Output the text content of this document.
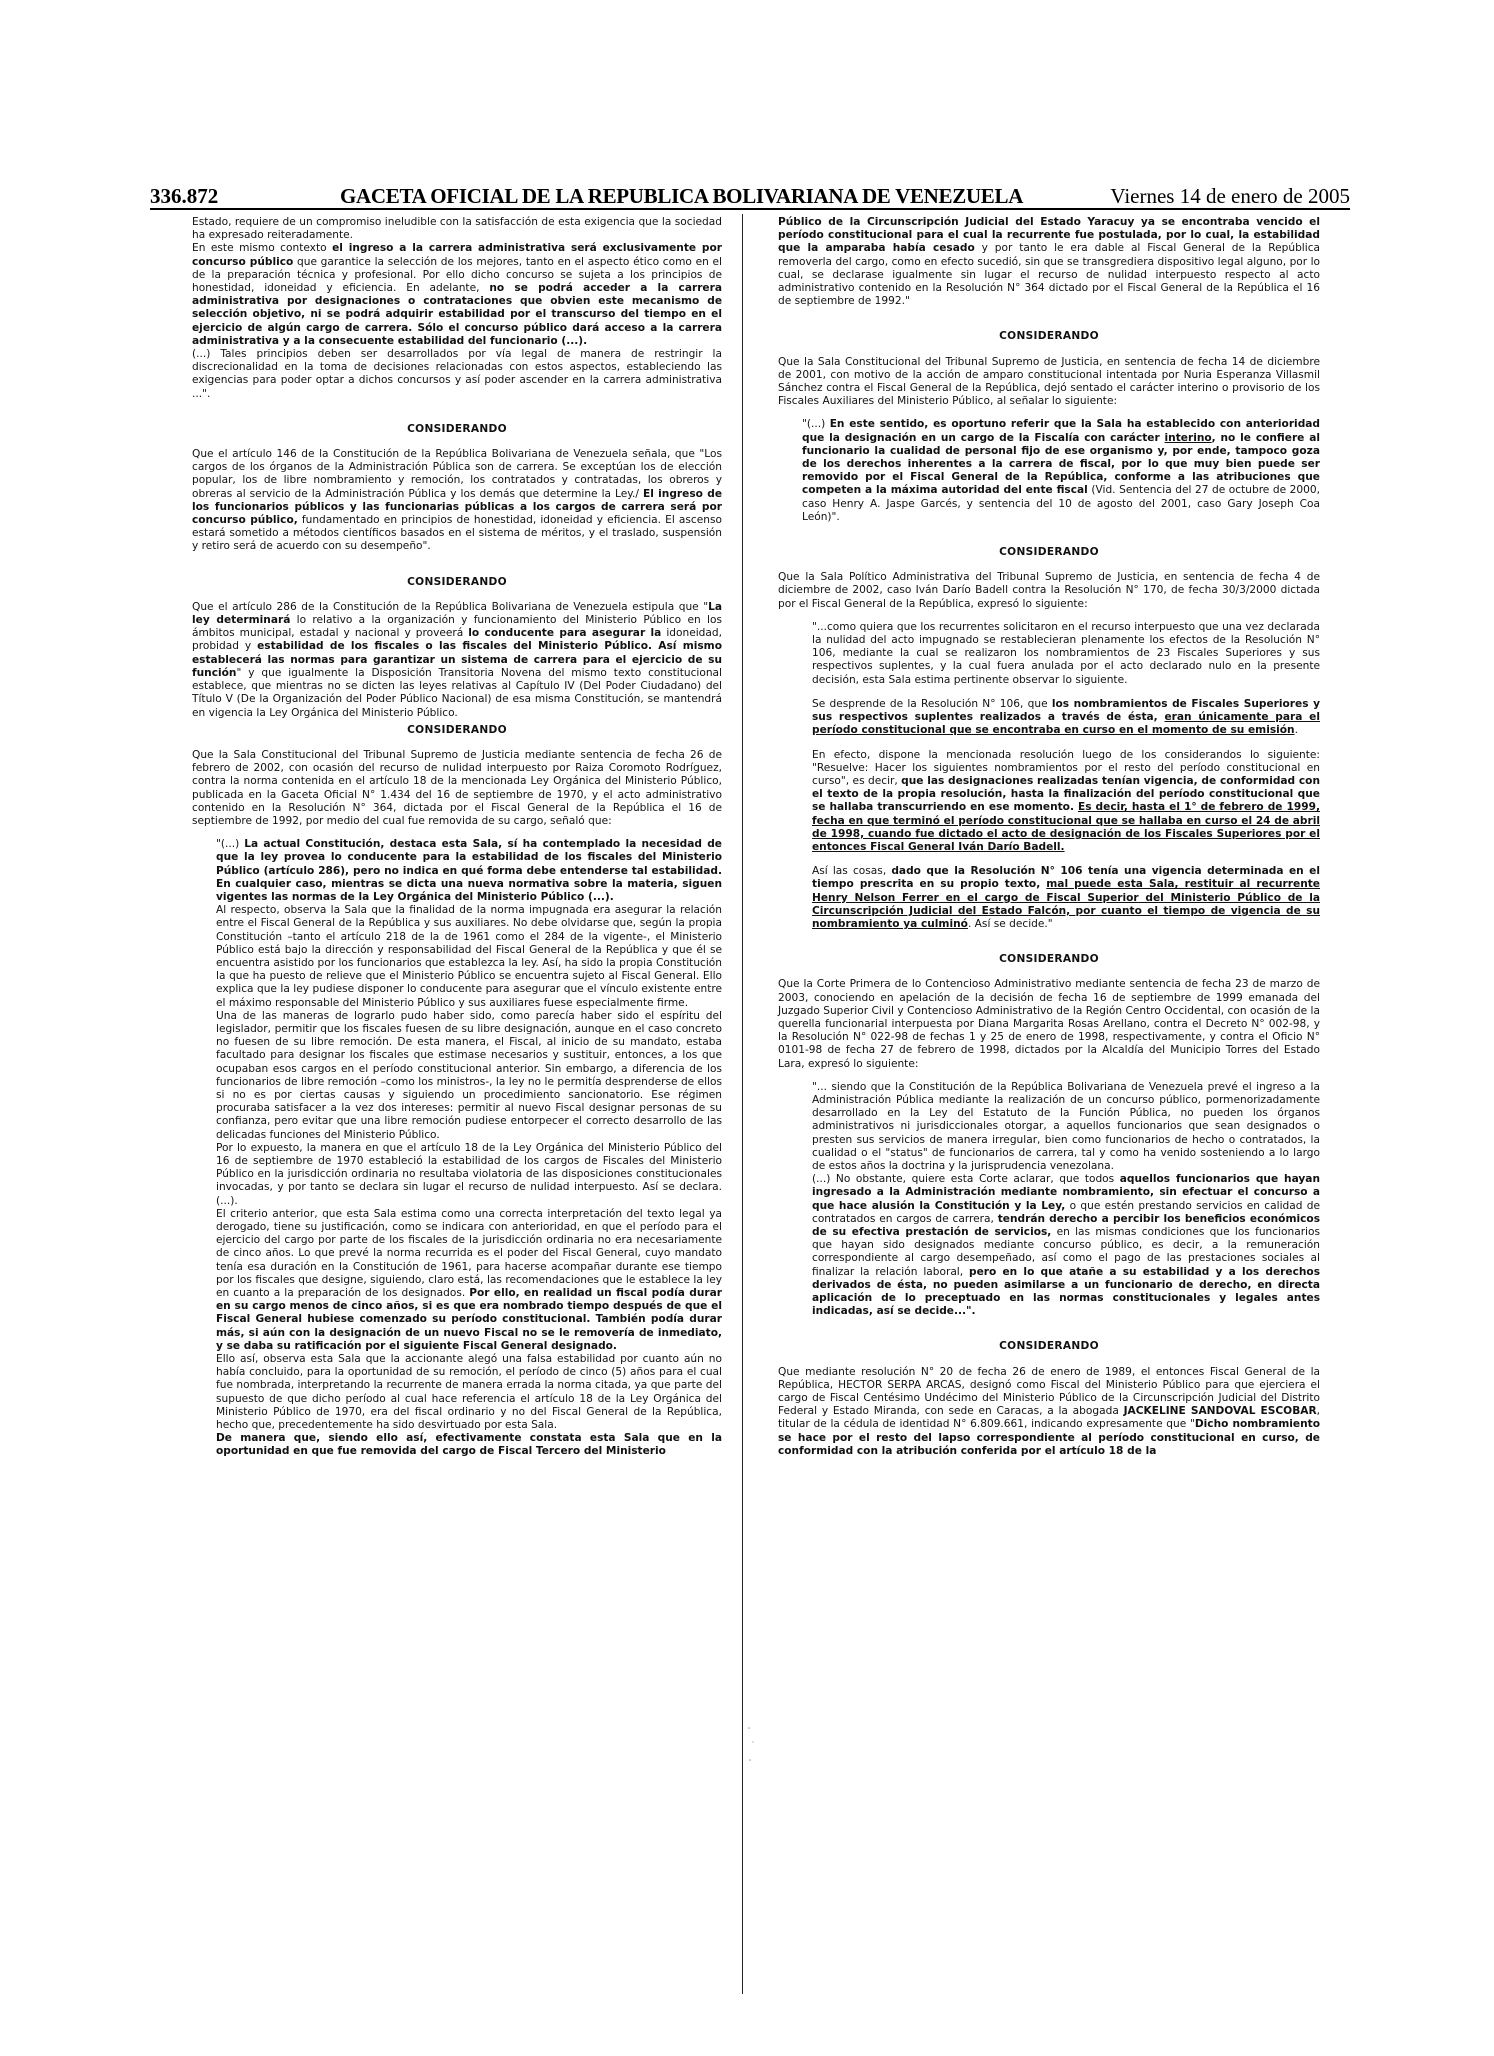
336.872	GACETA OFICIAL DE LA REPUBLICA BOLIVARIANA DE VENEZUELA	Viernes 14 de enero de 2005

Estado, requiere de un compromiso ineludible con la satisfacción de esta exigencia que la sociedad ha expresado reiteradamente.

En este mismo contexto el ingreso a la carrera administrativa será exclusivamente por concurso público que garantice la selección de los mejores, tanto en el aspecto ético como en el de la preparación técnica y profesional. Por ello dicho concurso se sujeta a los principios de honestidad, idoneidad y eficiencia. En adelante, no se podrá acceder a la carrera administrativa por designaciones o contrataciones que obvien este mecanismo de selección objetivo, ni se podrá adquirir estabilidad por el transcurso del tiempo en el ejercicio de algún cargo de carrera. Sólo el concurso público dará acceso a la carrera administrativa y a la consecuente estabilidad del funcionario (...).

(...) Tales principios deben ser desarrollados por vía legal de manera de restringir la discrecionalidad en la toma de decisiones relacionadas con estos aspectos, estableciendo las exigencias para poder optar a dichos concursos y así poder ascender en la carrera administrativa ...".

CONSIDERANDO

Que el artículo 146 de la Constitución de la República Bolivariana de Venezuela señala, que "Los cargos de los órganos de la Administración Pública son de carrera. Se exceptúan los de elección popular, los de libre nombramiento y remoción, los contratados y contratadas, los obreros y obreras al servicio de la Administración Pública y los demás que determine la Ley./ El ingreso de los funcionarios públicos y las funcionarias públicas a los cargos de carrera será por concurso público, fundamentado en principios de honestidad, idoneidad y eficiencia. El ascenso estará sometido a métodos científicos basados en el sistema de méritos, y el traslado, suspensión y retiro será de acuerdo con su desempeño".

CONSIDERANDO

Que el artículo 286 de la Constitución de la República Bolivariana de Venezuela estipula que "La ley determinará lo relativo a la organización y funcionamiento del Ministerio Público en los ámbitos municipal, estadal y nacional y proveerá lo conducente para asegurar la idoneidad, probidad y estabilidad de los fiscales o las fiscales del Ministerio Público. Así mismo establecerá las normas para garantizar un sistema de carrera para el ejercicio de su función" y que igualmente la Disposición Transitoria Novena del mismo texto constitucional establece, que mientras no se dicten las leyes relativas al Capítulo IV (Del Poder Ciudadano) del Título V (De la Organización del Poder Público Nacional) de esa misma Constitución, se mantendrá en vigencia la Ley Orgánica del Ministerio Público.

CONSIDERANDO

Que la Sala Constitucional del Tribunal Supremo de Justicia mediante sentencia de fecha 26 de febrero de 2002, con ocasión del recurso de nulidad interpuesto por Raiza Coromoto Rodríguez, contra la norma contenida en el artículo 18 de la mencionada Ley Orgánica del Ministerio Público, publicada en la Gaceta Oficial N° 1.434 del 16 de septiembre de 1970, y el acto administrativo contenido en la Resolución N° 364, dictada por el Fiscal General de la República el 16 de septiembre de 1992, por medio del cual fue removida de su cargo, señaló que:

"(...) La actual Constitución, destaca esta Sala, sí ha contemplado la necesidad de que la ley provea lo conducente para la estabilidad de los fiscales del Ministerio Público (artículo 286), pero no indica en qué forma debe entenderse tal estabilidad. En cualquier caso, mientras se dicta una nueva normativa sobre la materia, siguen vigentes las normas de la Ley Orgánica del Ministerio Público (...).

Al respecto, observa la Sala que la finalidad de la norma impugnada era asegurar la relación entre el Fiscal General de la República y sus auxiliares. No debe olvidarse que, según la propia Constitución –tanto el artículo 218 de la de 1961 como el 284 de la vigente-, el Ministerio Público está bajo la dirección y responsabilidad del Fiscal General de la República y que él se encuentra asistido por los funcionarios que establezca la ley. Así, ha sido la propia Constitución la que ha puesto de relieve que el Ministerio Público se encuentra sujeto al Fiscal General. Ello explica que la ley pudiese disponer lo conducente para asegurar que el vínculo existente entre el máximo responsable del Ministerio Público y sus auxiliares fuese especialmente firme.

Una de las maneras de lograrlo pudo haber sido, como parecía haber sido el espíritu del legislador, permitir que los fiscales fuesen de su libre designación, aunque en el caso concreto no fuesen de su libre remoción. De esta manera, el Fiscal, al inicio de su mandato, estaba facultado para designar los fiscales que estimase necesarios y sustituir, entonces, a los que ocupaban esos cargos en el período constitucional anterior. Sin embargo, a diferencia de los funcionarios de libre remoción –como los ministros-, la ley no le permitía desprenderse de ellos si no es por ciertas causas y siguiendo un procedimiento sancionatorio. Ese régimen procuraba satisfacer a la vez dos intereses: permitir al nuevo Fiscal designar personas de su confianza, pero evitar que una libre remoción pudiese entorpecer el correcto desarrollo de las delicadas funciones del Ministerio Público.

Por lo expuesto, la manera en que el artículo 18 de la Ley Orgánica del Ministerio Público del 16 de septiembre de 1970 estableció la estabilidad de los cargos de Fiscales del Ministerio Público en la jurisdicción ordinaria no resultaba violatoria de las disposiciones constitucionales invocadas, y por tanto se declara sin lugar el recurso de nulidad interpuesto. Así se declara. (...).

El criterio anterior, que esta Sala estima como una correcta interpretación del texto legal ya derogado, tiene su justificación, como se indicara con anterioridad, en que el período para el ejercicio del cargo por parte de los fiscales de la jurisdicción ordinaria no era necesariamente de cinco años. Lo que prevé la norma recurrida es el poder del Fiscal General, cuyo mandato tenía esa duración en la Constitución de 1961, para hacerse acompañar durante ese tiempo por los fiscales que designe, siguiendo, claro está, las recomendaciones que le establece la ley en cuanto a la preparación de los designados. Por ello, en realidad un fiscal podía durar en su cargo menos de cinco años, si es que era nombrado tiempo después de que el Fiscal General hubiese comenzado su período constitucional. También podía durar más, si aún con la designación de un nuevo Fiscal no se le removería de inmediato, y se daba su ratificación por el siguiente Fiscal General designado.

Ello así, observa esta Sala que la accionante alegó una falsa estabilidad por cuanto aún no había concluido, para la oportunidad de su remoción, el período de cinco (5) años para el cual fue nombrada, interpretando la recurrente de manera errada la norma citada, ya que parte del supuesto de que dicho período al cual hace referencia el artículo 18 de la Ley Orgánica del Ministerio Público de 1970, era del fiscal ordinario y no del Fiscal General de la República, hecho que, precedentemente ha sido desvirtuado por esta Sala.

De manera que, siendo ello así, efectivamente constata esta Sala que en la oportunidad en que fue removida del cargo de Fiscal Tercero del Ministerio

Público de la Circunscripción Judicial del Estado Yaracuy ya se encontraba vencido el período constitucional para el cual la recurrente fue postulada, por lo cual, la estabilidad que la amparaba había cesado y por tanto le era dable al Fiscal General de la República removerla del cargo, como en efecto sucedió, sin que se transgrediera dispositivo legal alguno, por lo cual, se declarase igualmente sin lugar el recurso de nulidad interpuesto respecto al acto administrativo contenido en la Resolución N° 364 dictado por el Fiscal General de la República el 16 de septiembre de 1992."

CONSIDERANDO

Que la Sala Constitucional del Tribunal Supremo de Justicia, en sentencia de fecha 14 de diciembre de 2001, con motivo de la acción de amparo constitucional intentada por Nuria Esperanza Villasmil Sánchez contra el Fiscal General de la República, dejó sentado el carácter interino o provisorio de los Fiscales Auxiliares del Ministerio Público, al señalar lo siguiente:

"(...) En este sentido, es oportuno referir que la Sala ha establecido con anterioridad que la designación en un cargo de la Fiscalía con carácter interino, no le confiere al funcionario la cualidad de personal fijo de ese organismo y, por ende, tampoco goza de los derechos inherentes a la carrera de fiscal, por lo que muy bien puede ser removido por el Fiscal General de la República, conforme a las atribuciones que competen a la máxima autoridad del ente fiscal (Vid. Sentencia del 27 de octubre de 2000, caso Henry A. Jaspe Garcés, y sentencia del 10 de agosto del 2001, caso Gary Joseph Coa León)".

CONSIDERANDO

Que la Sala Político Administrativa del Tribunal Supremo de Justicia, en sentencia de fecha 4 de diciembre de 2002, caso Iván Darío Badell contra la Resolución N° 170, de fecha 30/3/2000 dictada por el Fiscal General de la República, expresó lo siguiente:

"...como quiera que los recurrentes solicitaron en el recurso interpuesto que una vez declarada la nulidad del acto impugnado se restablecieran plenamente los efectos de la Resolución N° 106, mediante la cual se realizaron los nombramientos de 23 Fiscales Superiores y sus respectivos suplentes, y la cual fuera anulada por el acto declarado nulo en la presente decisión, esta Sala estima pertinente observar lo siguiente.

Se desprende de la Resolución N° 106, que los nombramientos de Fiscales Superiores y sus respectivos suplentes realizados a través de ésta, eran únicamente para el período constitucional que se encontraba en curso en el momento de su emisión.

En efecto, dispone la mencionada resolución luego de los considerandos lo siguiente: "Resuelve: Hacer los siguientes nombramientos por el resto del período constitucional en curso", es decir, que las designaciones realizadas tenían vigencia, de conformidad con el texto de la propia resolución, hasta la finalización del período constitucional que se hallaba transcurriendo en ese momento. Es decir, hasta el 1° de febrero de 1999, fecha en que terminó el período constitucional que se hallaba en curso el 24 de abril de 1998, cuando fue dictado el acto de designación de los Fiscales Superiores por el entonces Fiscal General Iván Darío Badell.

Así las cosas, dado que la Resolución N° 106 tenía una vigencia determinada en el tiempo prescrita en su propio texto, mal puede esta Sala, restituir al recurrente Henry Nelson Ferrer en el cargo de Fiscal Superior del Ministerio Público de la Circunscripción Judicial del Estado Falcón, por cuanto el tiempo de vigencia de su nombramiento ya culminó. Así se decide."

CONSIDERANDO

Que la Corte Primera de lo Contencioso Administrativo mediante sentencia de fecha 23 de marzo de 2003, conociendo en apelación de la decisión de fecha 16 de septiembre de 1999 emanada del Juzgado Superior Civil y Contencioso Administrativo de la Región Centro Occidental, con ocasión de la querella funcionarial interpuesta por Diana Margarita Rosas Arellano, contra el Decreto N° 002-98, y la Resolución N° 022-98 de fechas 1 y 25 de enero de 1998, respectivamente, y contra el Oficio N° 0101-98 de fecha 27 de febrero de 1998, dictados por la Alcaldía del Municipio Torres del Estado Lara, expresó lo siguiente:

"... siendo que la Constitución de la República Bolivariana de Venezuela prevé el ingreso a la Administración Pública mediante la realización de un concurso público, pormenorizadamente desarrollado en la Ley del Estatuto de la Función Pública, no pueden los órganos administrativos ni jurisdiccionales otorgar, a aquellos funcionarios que sean designados o presten sus servicios de manera irregular, bien como funcionarios de hecho o contratados, la cualidad o el "status" de funcionarios de carrera, tal y como ha venido sosteniendo a lo largo de estos años la doctrina y la jurisprudencia venezolana.

(...) No obstante, quiere esta Corte aclarar, que todos aquellos funcionarios que hayan ingresado a la Administración mediante nombramiento, sin efectuar el concurso a que hace alusión la Constitución y la Ley, o que estén prestando servicios en calidad de contratados en cargos de carrera, tendrán derecho a percibir los beneficios económicos de su efectiva prestación de servicios, en las mismas condiciones que los funcionarios que hayan sido designados mediante concurso público, es decir, a la remuneración correspondiente al cargo desempeñado, así como el pago de las prestaciones sociales al finalizar la relación laboral, pero en lo que atañe a su estabilidad y a los derechos derivados de ésta, no pueden asimilarse a un funcionario de derecho, en directa aplicación de lo preceptuado en las normas constitucionales y legales antes indicadas, así se decide...".

CONSIDERANDO

Que mediante resolución N° 20 de fecha 26 de enero de 1989, el entonces Fiscal General de la República, HECTOR SERPA ARCAS, designó como Fiscal del Ministerio Público para que ejerciera el cargo de Fiscal Centésimo Undécimo del Ministerio Público de la Circunscripción Judicial del Distrito Federal y Estado Miranda, con sede en Caracas, a la abogada JACKELINE SANDOVAL ESCOBAR, titular de la cédula de identidad N° 6.809.661, indicando expresamente que "Dicho nombramiento se hace por el resto del lapso correspondiente al período constitucional en curso, de conformidad con la atribución conferida por el artículo 18 de la
